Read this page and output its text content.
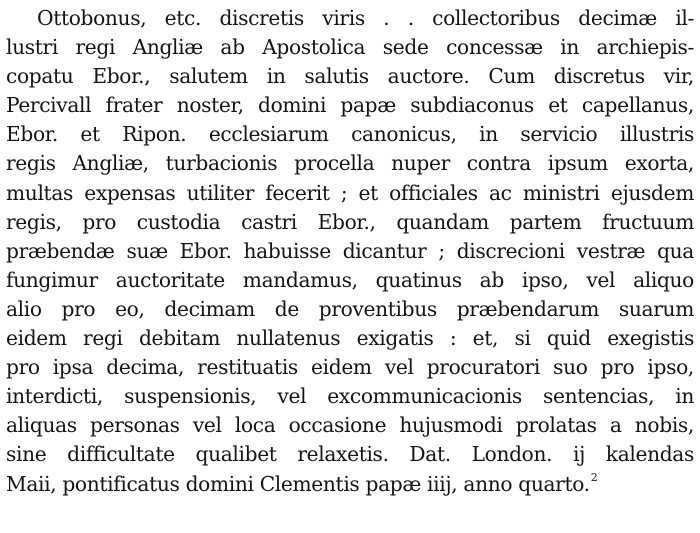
Ottobonus, etc. discretis viris . . collectoribus decimæ il-
lustri regi Angliæ ab Apostolica sede concessæ in archiepis-
copatu Ebor., salutem in salutis auctore. Cum discretus vir,
Percivall frater noster, domini papæ subdiaconus et capellanus,
Ebor. et Ripon. ecclesiarum canonicus, in servicio illustris
regis Angliæ, turbacionis procella nuper contra ipsum exorta,
multas expensas utiliter fecerit ; et officiales ac ministri ejusdem
regis, pro custodia castri Ebor., quandam partem fructuum
præbendæ suæ Ebor. habuisse dicantur ; discrecioni vestræ qua
fungimur auctoritate mandamus, quatinus ab ipso, vel aliquo
alio pro eo, decimam de proventibus præbendarum suarum
eidem regi debitam nullatenus exigatis : et, si quid exegistis
pro ipsa decima, restituatis eidem vel procuratori suo pro ipso,
interdicti, suspensionis, vel excommunicacionis sentencias, in
aliquas personas vel loca occasione hujusmodi prolatas a nobis,
sine difficultate qualibet relaxetis. Dat. London. ij kalendas
Maii, pontificatus domini Clementis papæ iiij, anno quarto.$^2$
